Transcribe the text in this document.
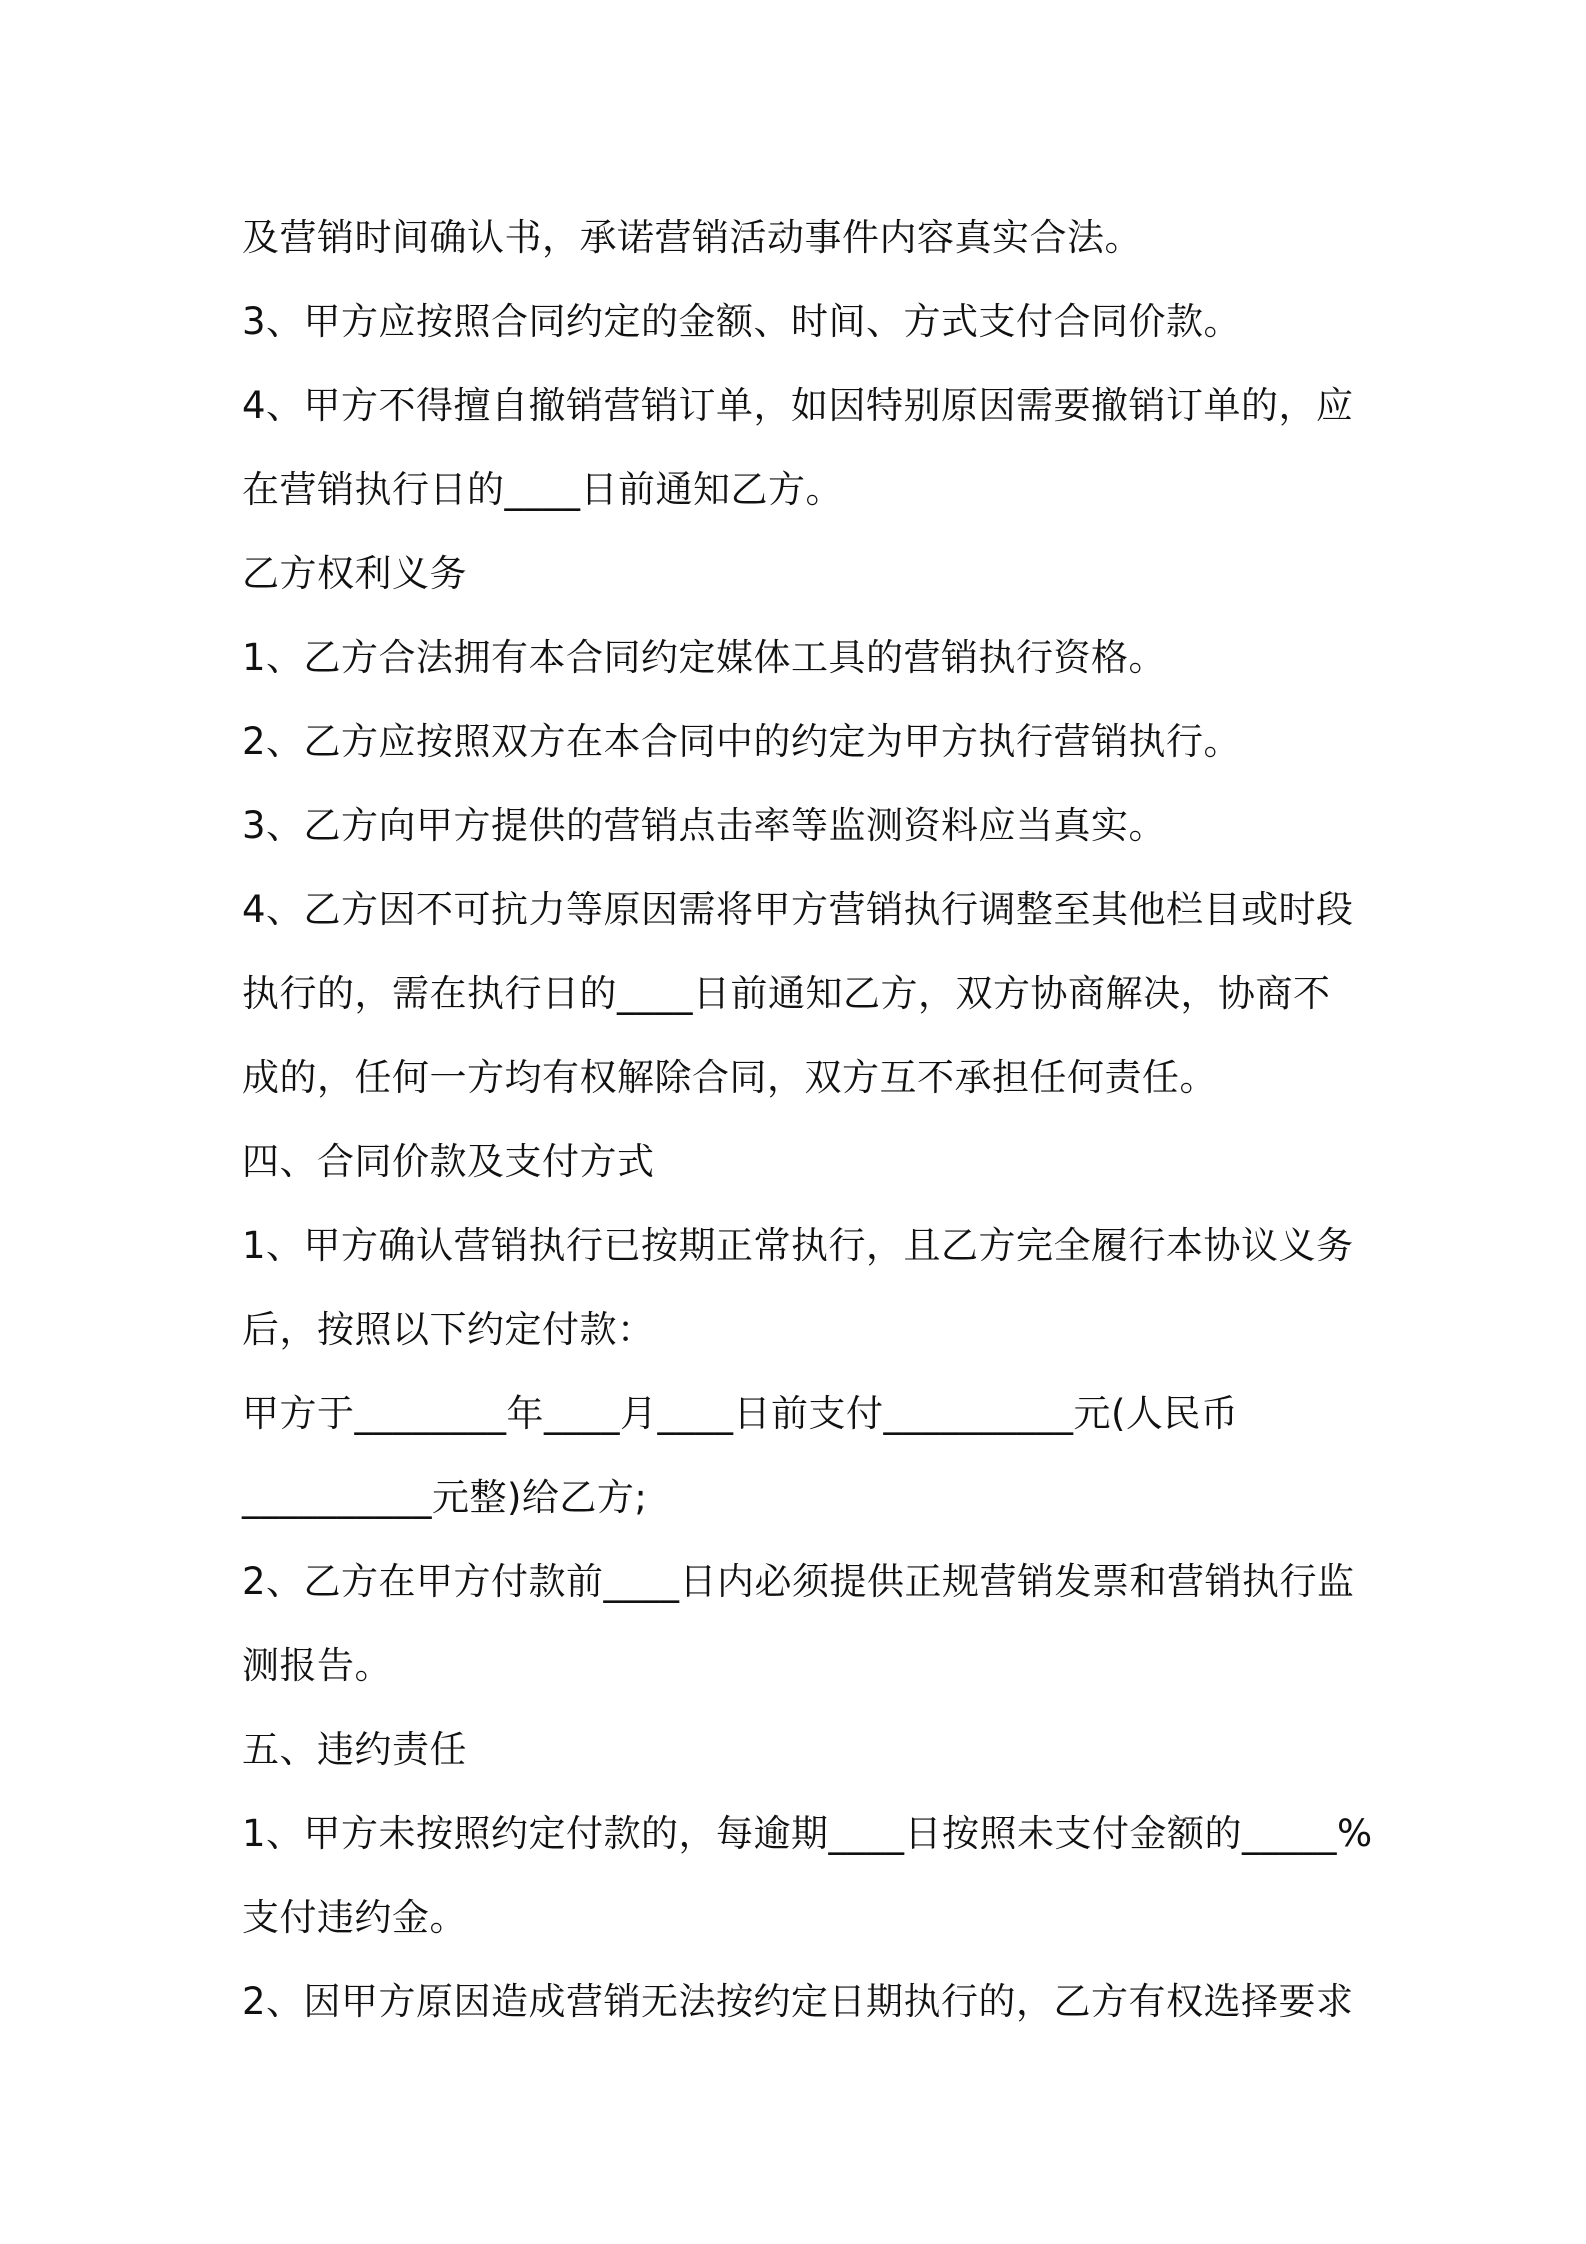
及营销时间确认书，承诺营销活动事件内容真实合法。
3、甲方应按照合同约定的金额、时间、方式支付合同价款。
4、甲方不得擅自撤销营销订单，如因特别原因需要撤销订单的，应
在营销执行日的____日前通知乙方。
乙方权利义务
1、乙方合法拥有本合同约定媒体工具的营销执行资格。
2、乙方应按照双方在本合同中的约定为甲方执行营销执行。
3、乙方向甲方提供的营销点击率等监测资料应当真实。
4、乙方因不可抗力等原因需将甲方营销执行调整至其他栏目或时段
执行的，需在执行日的____日前通知乙方，双方协商解决，协商不
成的，任何一方均有权解除合同，双方互不承担任何责任。
四、合同价款及支付方式
1、甲方确认营销执行已按期正常执行，且乙方完全履行本协议义务
后，按照以下约定付款：
甲方于________年____月____日前支付__________元(人民币
__________元整)给乙方;
2、乙方在甲方付款前____日内必须提供正规营销发票和营销执行监
测报告。
五、违约责任
1、甲方未按照约定付款的，每逾期____日按照未支付金额的_____%
支付违约金。
2、因甲方原因造成营销无法按约定日期执行的，乙方有权选择要求
